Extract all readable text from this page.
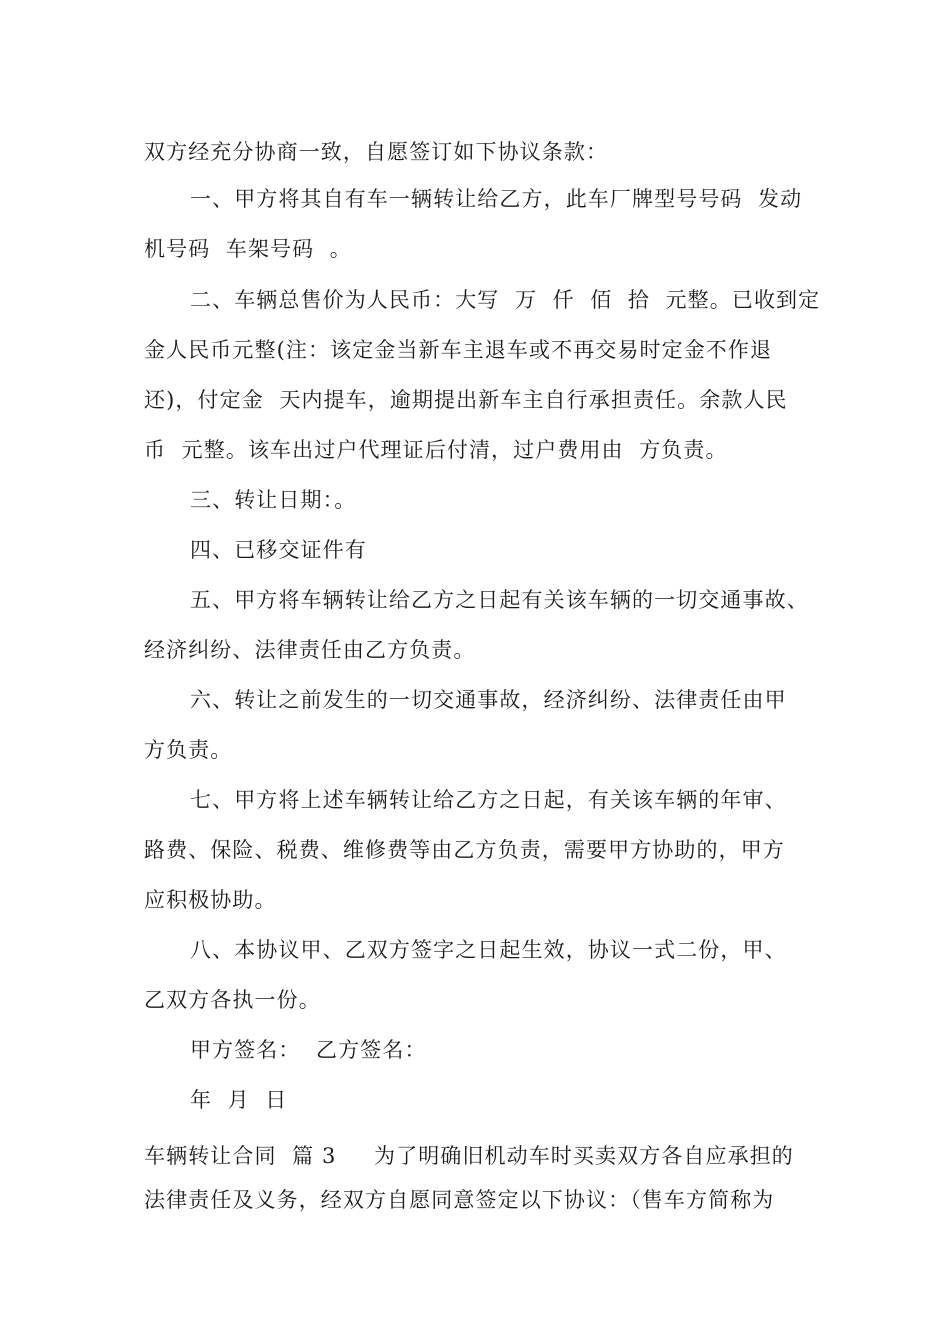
双方经充分协商一致，自愿签订如下协议条款：
一、甲方将其自有车一辆转让给乙方，此车厂牌型号号码  发动
机号码  车架号码  。
二、车辆总售价为人民币：大写  万  仟  佰  拾  元整。已收到定
金人民币元整(注：该定金当新车主退车或不再交易时定金不作退
还)，付定金  天内提车，逾期提出新车主自行承担责任。余款人民
币  元整。该车出过户代理证后付清，过户费用由  方负责。
三、转让日期：。
四、已移交证件有
五、甲方将车辆转让给乙方之日起有关该车辆的一切交通事故、
经济纠纷、法律责任由乙方负责。
六、转让之前发生的一切交通事故，经济纠纷、法律责任由甲
方负责。
七、甲方将上述车辆转让给乙方之日起，有关该车辆的年审、
路费、保险、税费、维修费等由乙方负责，需要甲方协助的，甲方
应积极协助。
八、本协议甲、乙双方签字之日起生效，协议一式二份，甲、
乙双方各执一份。
甲方签名：  乙方签名：
年  月  日
车辆转让合同  篇 3 为了明确旧机动车时买卖双方各自应承担的
法律责任及义务，经双方自愿同意签定以下协议：（售车方简称为
